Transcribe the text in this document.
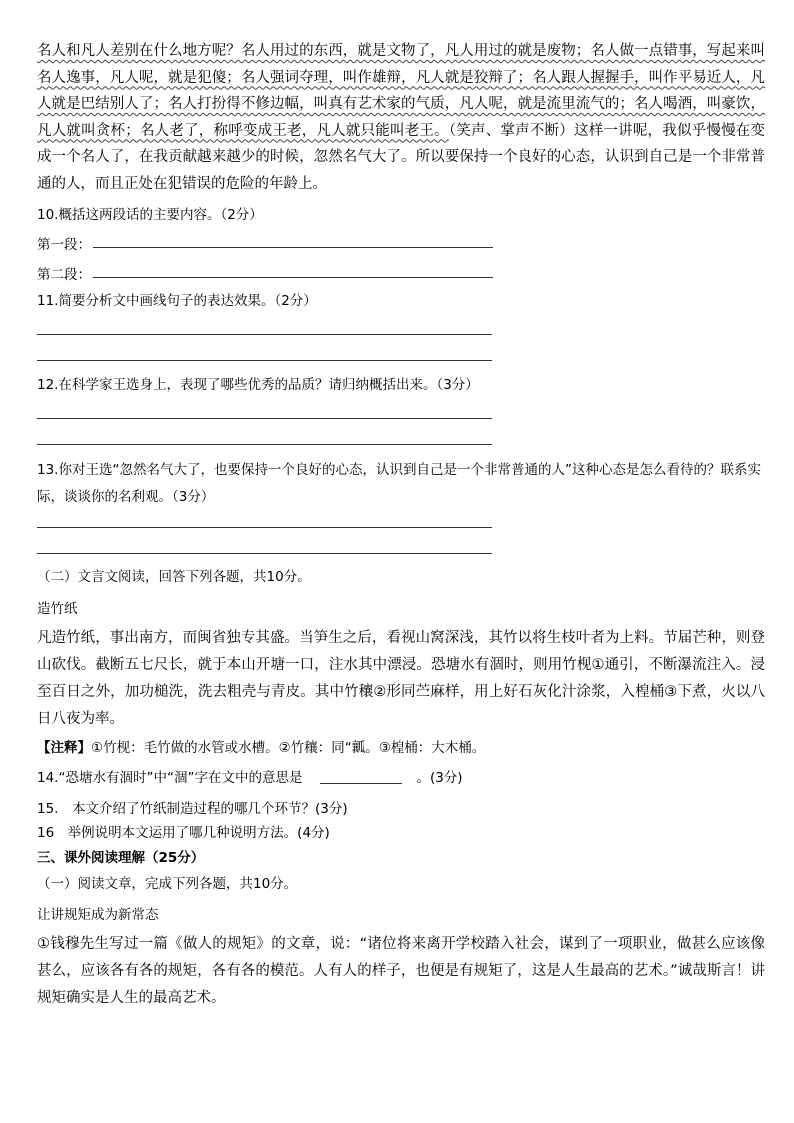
名人和凡人差别在什么地方呢？名人用过的东西，就是文物了，凡人用过的就是废物；名人做一点错事，写起来叫名人逸事，凡人呢，就是犯傻；名人强词夺理，叫作雄辩，凡人就是狡辩了；名人跟人握握手，叫作平易近人，凡人就是巴结别人了；名人打扮得不修边幅，叫真有艺术家的气质，凡人呢，就是流里流气的；名人喝酒，叫豪饮，凡人就叫贪杯；名人老了，称呼变成王老，凡人就只能叫老王。（笑声、掌声不断）这样一讲呢，我似乎慢慢在变成一个名人了，在我贡献越来越少的时候，忽然名气大了。所以要保持一个良好的心态，认识到自己是一个非常普通的人，而且正处在犯错误的危险的年龄上。

10.概括这两段话的主要内容。（2分）

第一段：
第二段：

11.简要分析文中画线句子的表达效果。（2分）

12.在科学家王选身上，表现了哪些优秀的品质？请归纳概括出来。（3分）

13.你对王选“忽然名气大了，也要保持一个良好的心态，认识到自己是一个非常普通的人”这种心态是怎么看待的？联系实际，谈谈你的名利观。（3分）

（二）文言文阅读，回答下列各题，共10分。

造竹纸

凡造竹纸，事出南方，而闽省独专其盛。当笋生之后，看视山窝深浅，其竹以将生枝叶者为上料。节届芒种，则登山砍伐。截断五七尺长，就于本山开塘一口，注水其中漂浸。恐塘水有涸时，则用竹枧①通引，不断瀑流注入。浸至百日之外，加功槌洗，洗去粗壳与青皮。其中竹穰②形同苎麻样，用上好石灰化汁涂浆，入楻桶③下煮，火以八日八夜为率。

【注释】①竹枧：毛竹做的水管或水槽。②竹穰：同“瓤。③楻桶：大木桶。

14.“恐塘水有涸时”中“涸”字在文中的意思是	。(3分)

15.　本文介绍了竹纸制造过程的哪几个环节？(3分)

16　举例说明本文运用了哪几种说明方法。(4分)

三、课外阅读理解（25分）

（一）阅读文章，完成下列各题，共10分。

让讲规矩成为新常态

①钱穆先生写过一篇《做人的规矩》的文章，说：“诸位将来离开学校踏入社会，谋到了一项职业，做甚么应该像甚么，应该各有各的规矩，各有各的模范。人有人的样子，也便是有规矩了，这是人生最高的艺术。”诚哉斯言！讲规矩确实是人生的最高艺术。
